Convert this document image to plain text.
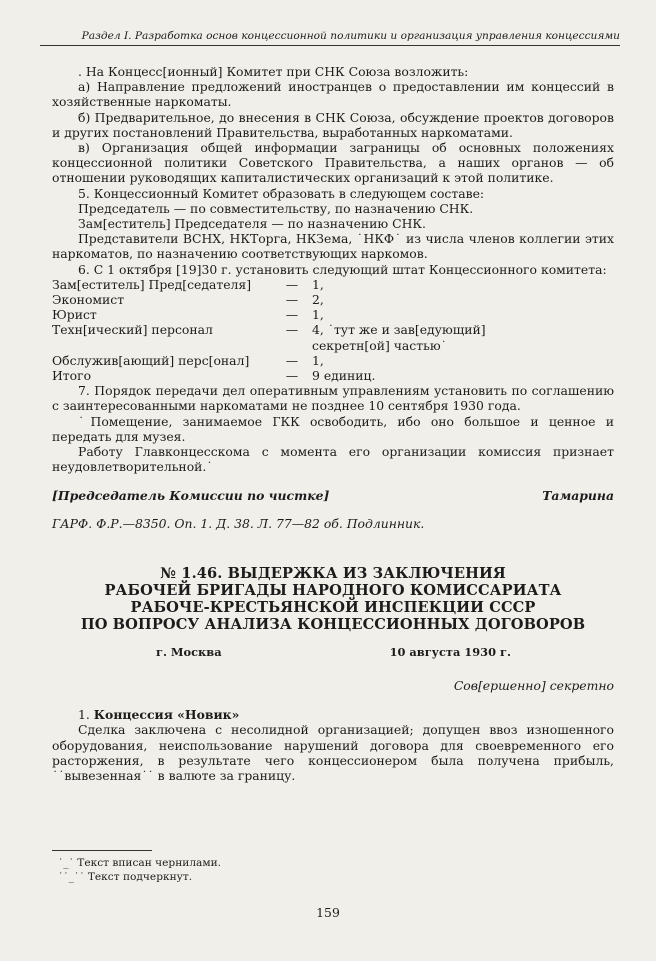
Раздел I. Разработка основ концессионной политики и организация управления концессиями

. На Концесс[ионный] Комитет при СНК Союза возложить:

а) Направление предложений иностранцев о предоставлении им концессий в хозяйственные наркоматы.

б) Предварительное, до внесения в СНК Союза, обсуждение проектов договоров и других постановлений Правительства, выработанных наркоматами.

в) Организация общей информации заграницы об основных положениях концессионной политики Советского Правительства, а наших органов — об отношении руководящих капиталистических организаций к этой политике.

5. Концессионный Комитет образовать в следующем составе:

Председатель — по совместительству, по назначению СНК.

Зам[еститель] Председателя — по назначению СНК.

Представители ВСНХ, НКТорга, НКЗема, ˙НКФ˙ из числа членов коллегии этих наркоматов, по назначению соответствующих наркомов.

6. С 1 октября [19]30 г. установить следующий штат Концессионного комитета:

Зам[еститель] Пред[седателя]	—	1,
Экономист	—	2,
Юрист	—	1,
Техн[ический] персонал	—	4, ˙тут же и зав[едующий]
секретн[ой] частью˙
Обслужив[ающий] перс[онал]	—	1,
Итого	—	9 единиц.

7. Порядок передачи дел оперативным управлениям установить по соглашению с заинтересованными наркоматами не позднее 10 сентября 1930 года.

˙Помещение, занимаемое ГКК освободить, ибо оно большое и ценное и передать для музея.

Работу Главконцесскома с момента его организации комиссия признает неудовлетворительной.˙

[Председатель Комиссии по чистке]	Тамарина
ГАРФ. Ф.Р.—8350. Оп. 1. Д. 38. Л. 77—82 об. Подлинник.
№ 1.46. ВЫДЕРЖКА ИЗ ЗАКЛЮЧЕНИЯ
РАБОЧЕЙ БРИГАДЫ НАРОДНОГО КОМИССАРИАТА
РАБОЧЕ-КРЕСТЬЯНСКОЙ ИНСПЕКЦИИ СССР
ПО ВОПРОСУ АНАЛИЗА КОНЦЕССИОННЫХ ДОГОВОРОВ
г. Москва	10 августа 1930 г.
Сов[ершенно] секретно

1. Концессия «Новик»

Сделка заключена с несолидной организацией; допущен ввоз изношенного оборудования, неиспользование нарушений договора для своевременного его расторжения, в результате чего концессионером была получена прибыль, ˙˙вывезенная˙˙ в валюте за границу.

˙_˙ Текст вписан чернилами.

˙˙_˙˙ Текст подчеркнут.

159
